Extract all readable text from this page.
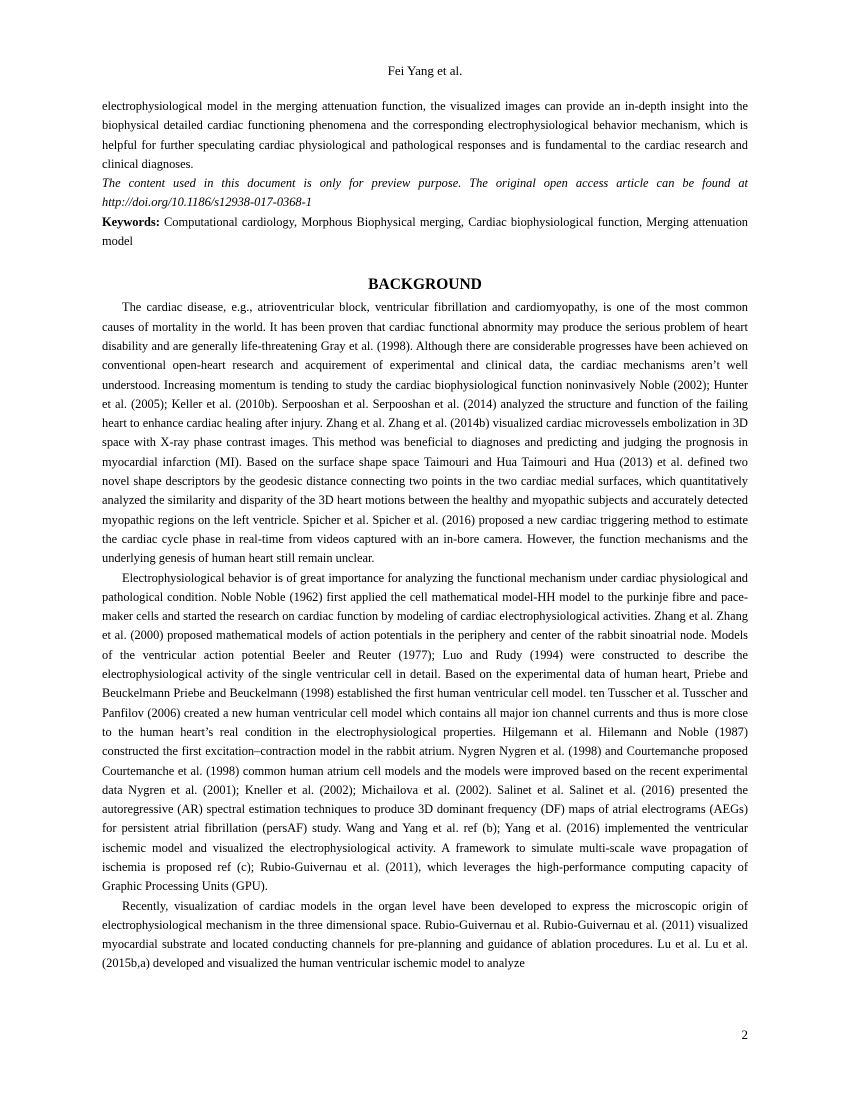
Fei Yang et al.

electrophysiological model in the merging attenuation function, the visualized images can provide an in-depth insight into the biophysical detailed cardiac functioning phenomena and the corresponding electrophysiological behavior mechanism, which is helpful for further speculating cardiac physiological and pathological responses and is fundamental to the cardiac research and clinical diagnoses.

The content used in this document is only for preview purpose. The original open access article can be found at http://doi.org/10.1186/s12938-017-0368-1

Keywords: Computational cardiology, Morphous Biophysical merging, Cardiac biophysiological function, Merging attenuation model

BACKGROUND

The cardiac disease, e.g., atrioventricular block, ventricular fibrillation and cardiomyopathy, is one of the most common causes of mortality in the world. It has been proven that cardiac functional abnormity may produce the serious problem of heart disability and are generally life-threatening Gray et al. (1998). Although there are considerable progresses have been achieved on conventional open-heart research and acquirement of experimental and clinical data, the cardiac mechanisms aren’t well understood. Increasing momentum is tending to study the cardiac biophysiological function noninvasively Noble (2002); Hunter et al. (2005); Keller et al. (2010b). Serpooshan et al. Serpooshan et al. (2014) analyzed the structure and function of the failing heart to enhance cardiac healing after injury. Zhang et al. Zhang et al. (2014b) visualized cardiac microvessels embolization in 3D space with X-ray phase contrast images. This method was beneficial to diagnoses and predicting and judging the prognosis in myocardial infarction (MI). Based on the surface shape space Taimouri and Hua Taimouri and Hua (2013) et al. defined two novel shape descriptors by the geodesic distance connecting two points in the two cardiac medial surfaces, which quantitatively analyzed the similarity and disparity of the 3D heart motions between the healthy and myopathic subjects and accurately detected myopathic regions on the left ventricle. Spicher et al. Spicher et al. (2016) proposed a new cardiac triggering method to estimate the cardiac cycle phase in real-time from videos captured with an in-bore camera. However, the function mechanisms and the underlying genesis of human heart still remain unclear.

Electrophysiological behavior is of great importance for analyzing the functional mechanism under cardiac physiological and pathological condition. Noble Noble (1962) first applied the cell mathematical model-HH model to the purkinje fibre and pace-maker cells and started the research on cardiac function by modeling of cardiac electrophysiological activities. Zhang et al. Zhang et al. (2000) proposed mathematical models of action potentials in the periphery and center of the rabbit sinoatrial node. Models of the ventricular action potential Beeler and Reuter (1977); Luo and Rudy (1994) were constructed to describe the electrophysiological activity of the single ventricular cell in detail. Based on the experimental data of human heart, Priebe and Beuckelmann Priebe and Beuckelmann (1998) established the first human ventricular cell model. ten Tusscher et al. Tusscher and Panfilov (2006) created a new human ventricular cell model which contains all major ion channel currents and thus is more close to the human heart’s real condition in the electrophysiological properties. Hilgemann et al. Hilemann and Noble (1987) constructed the first excitation–contraction model in the rabbit atrium. Nygren Nygren et al. (1998) and Courtemanche proposed Courtemanche et al. (1998) common human atrium cell models and the models were improved based on the recent experimental data Nygren et al. (2001); Kneller et al. (2002); Michailova et al. (2002). Salinet et al. Salinet et al. (2016) presented the autoregressive (AR) spectral estimation techniques to produce 3D dominant frequency (DF) maps of atrial electrograms (AEGs) for persistent atrial fibrillation (persAF) study. Wang and Yang et al. ref (b); Yang et al. (2016) implemented the ventricular ischemic model and visualized the electrophysiological activity. A framework to simulate multi-scale wave propagation of ischemia is proposed ref (c); Rubio-Guivernau et al. (2011), which leverages the high-performance computing capacity of Graphic Processing Units (GPU).

Recently, visualization of cardiac models in the organ level have been developed to express the microscopic origin of electrophysiological mechanism in the three dimensional space. Rubio-Guivernau et al. Rubio-Guivernau et al. (2011) visualized myocardial substrate and located conducting channels for pre-planning and guidance of ablation procedures. Lu et al. Lu et al. (2015b,a) developed and visualized the human ventricular ischemic model to analyze

2
